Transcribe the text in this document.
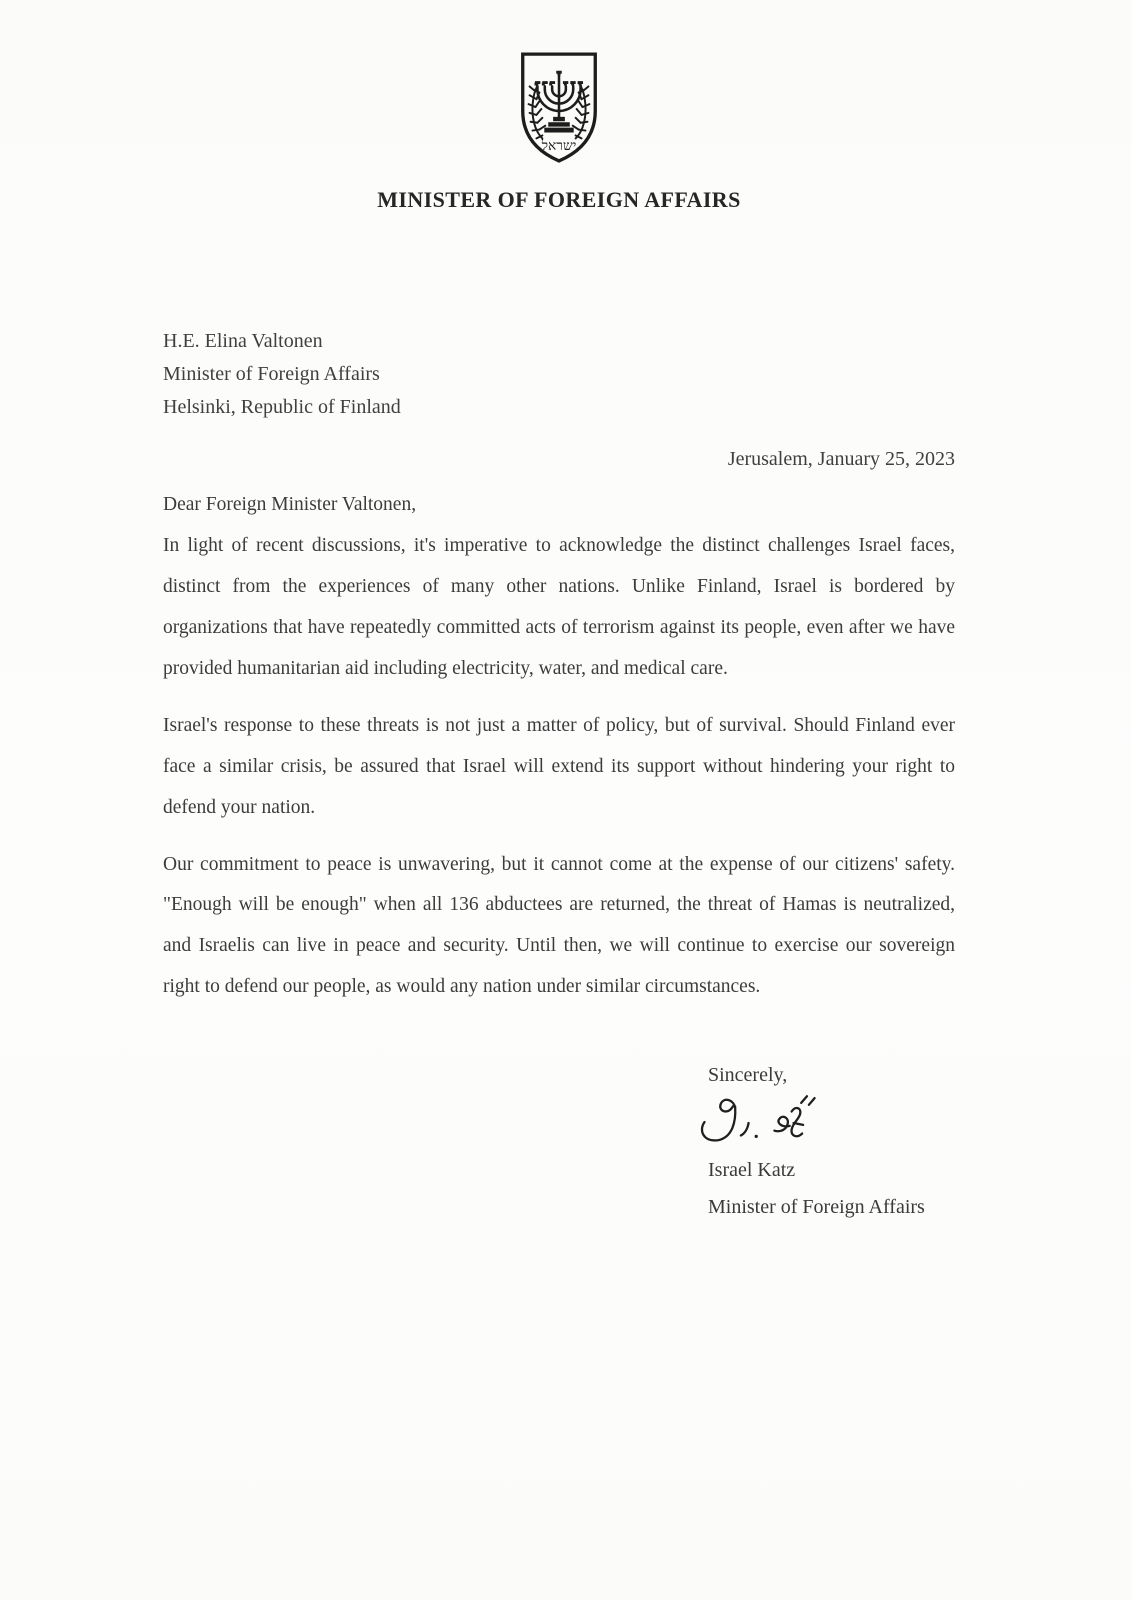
ישראל
MINISTER OF FOREIGN AFFAIRS
H.E. Elina Valtonen
Minister of Foreign Affairs
Helsinki, Republic of Finland
Jerusalem, January 25, 2023

Dear Foreign Minister Valtonen,

In light of recent discussions, it's imperative to acknowledge the distinct challenges Israel faces, distinct from the experiences of many other nations. Unlike Finland, Israel is bordered by organizations that have repeatedly committed acts of terrorism against its people, even after we have provided humanitarian aid including electricity, water, and medical care.

Israel's response to these threats is not just a matter of policy, but of survival. Should Finland ever face a similar crisis, be assured that Israel will extend its support without hindering your right to defend your nation.

Our commitment to peace is unwavering, but it cannot come at the expense of our citizens' safety. "Enough will be enough" when all 136 abductees are returned, the threat of Hamas is neutralized, and Israelis can live in peace and security. Until then, we will continue to exercise our sovereign right to defend our people, as would any nation under similar circumstances.

Sincerely,

Israel Katz

Minister of Foreign Affairs
